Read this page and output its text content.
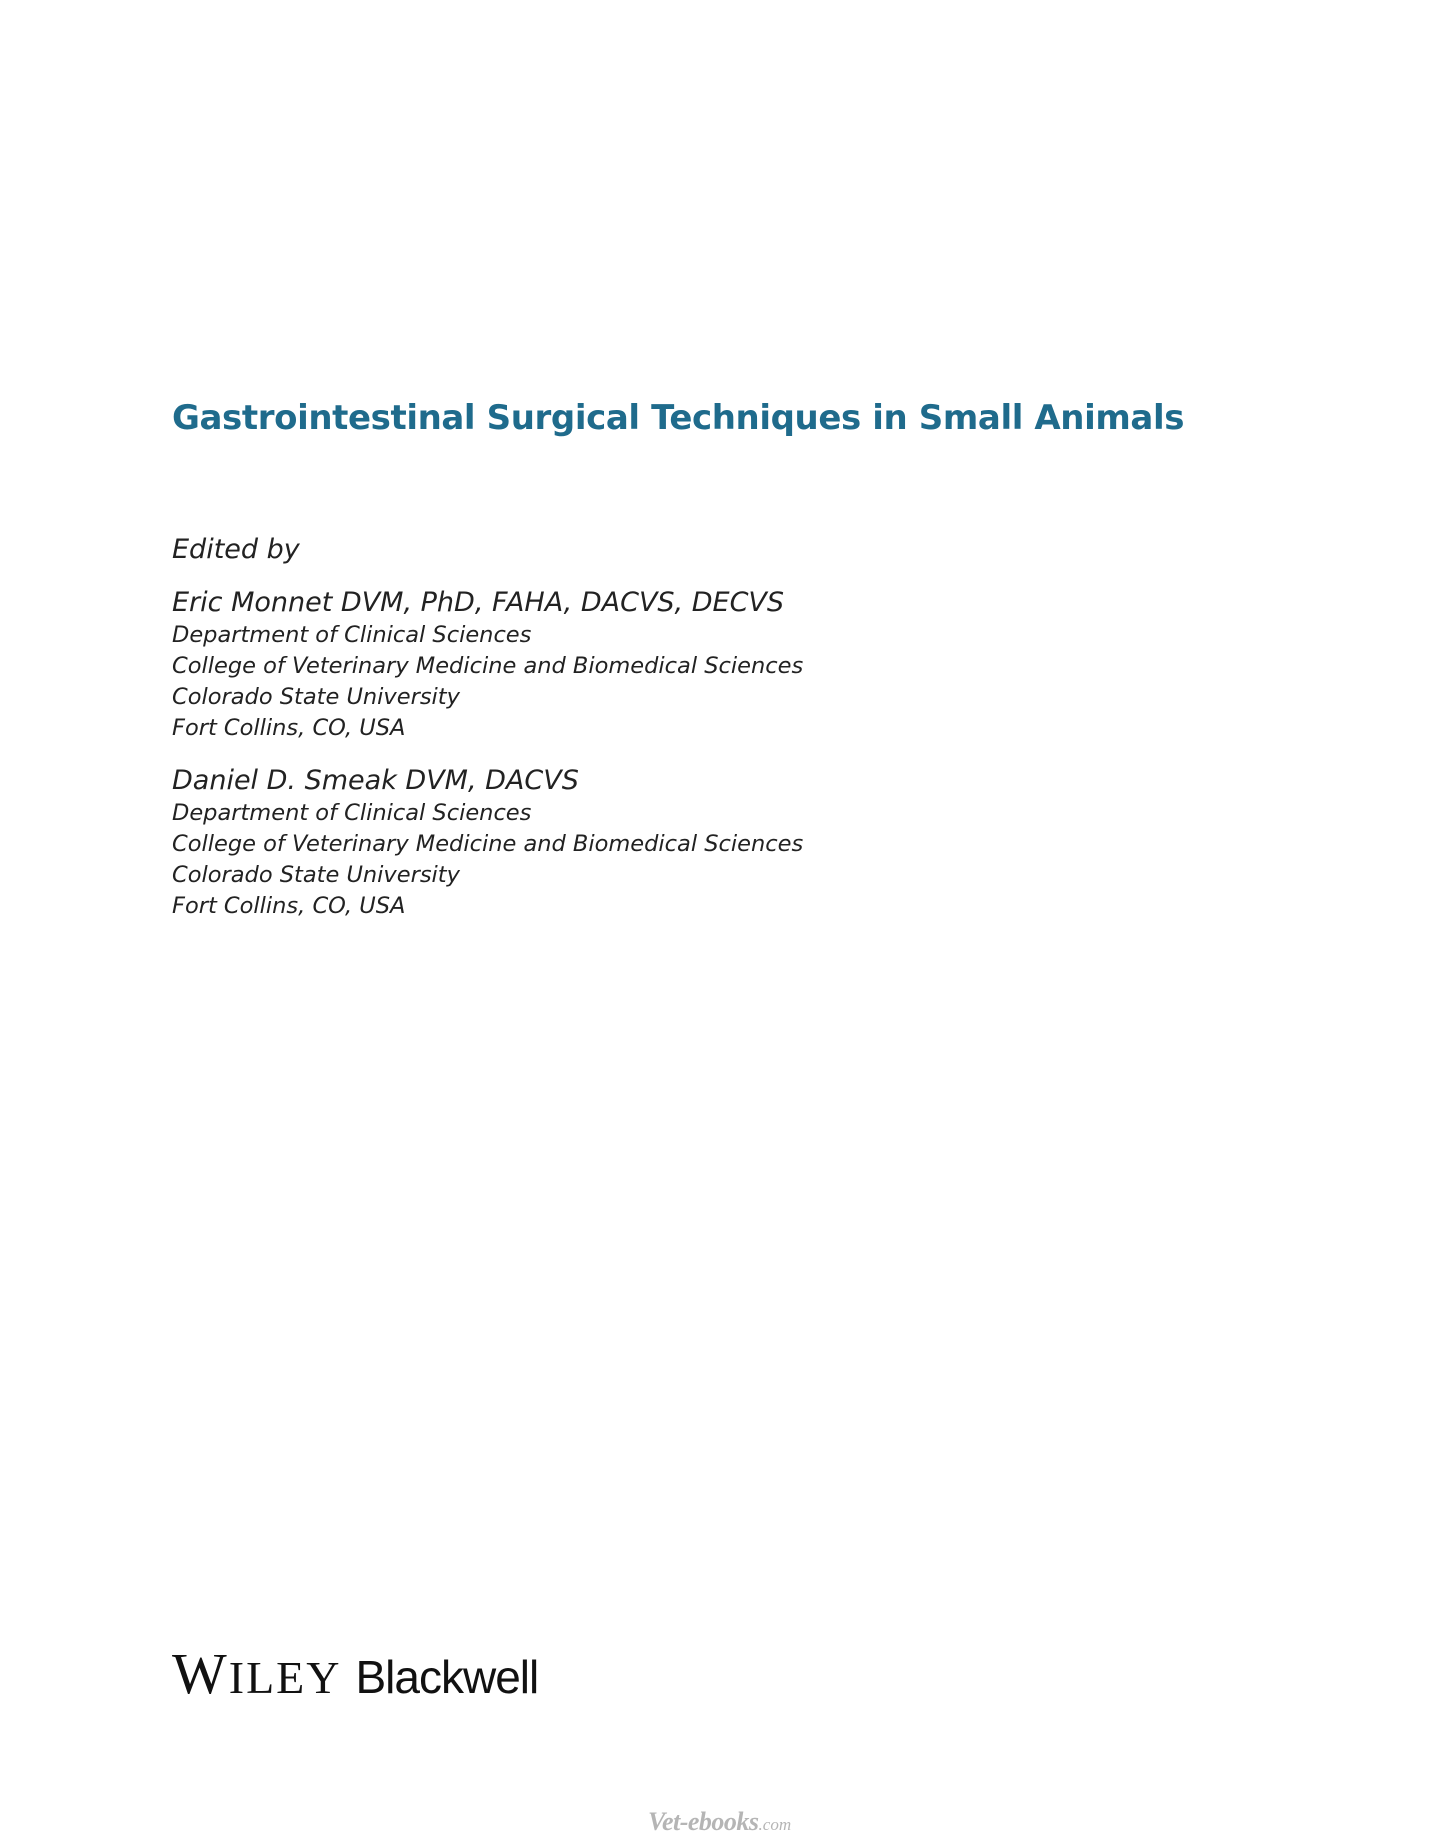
Gastrointestinal Surgical Techniques in Small Animals
Edited by
Eric Monnet DVM, PhD, FAHA, DACVS, DECVS
Department of Clinical Sciences
College of Veterinary Medicine and Biomedical Sciences
Colorado State University
Fort Collins, CO, USA
Daniel D. Smeak DVM, DACVS
Department of Clinical Sciences
College of Veterinary Medicine and Biomedical Sciences
Colorado State University
Fort Collins, CO, USA
WILEY Blackwell
Vet-ebooks .com
